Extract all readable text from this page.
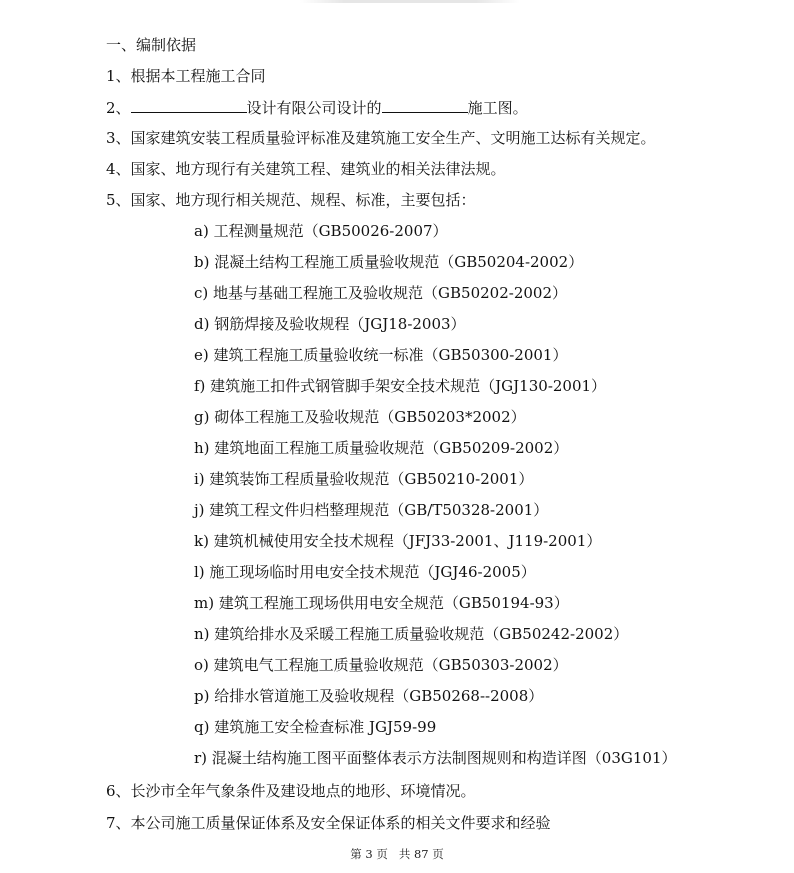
一、编制依据
1、根据本工程施工合同
2、	设计有限公司设计的	施工图。
3、国家建筑安装工程质量验评标准及建筑施工安全生产、文明施工达标有关规定。
4、国家、地方现行有关建筑工程、建筑业的相关法律法规。
5、国家、地方现行相关规范、规程、标准，主要包括：
a) 工程测量规范（GB50026-2007）
b) 混凝土结构工程施工质量验收规范（GB50204-2002）
c) 地基与基础工程施工及验收规范（GB50202-2002）
d) 钢筋焊接及验收规程（JGJ18-2003）
e) 建筑工程施工质量验收统一标准（GB50300-2001）
f) 建筑施工扣件式钢管脚手架安全技术规范（JGJ130-2001）
g) 砌体工程施工及验收规范（GB50203*2002）
h) 建筑地面工程施工质量验收规范（GB50209-2002）
i) 建筑装饰工程质量验收规范（GB50210-2001）
j) 建筑工程文件归档整理规范（GB/T50328-2001）
k) 建筑机械使用安全技术规程（JFJ33-2001、J119-2001）
l) 施工现场临时用电安全技术规范（JGJ46-2005）
m) 建筑工程施工现场供用电安全规范（GB50194-93）
n) 建筑给排水及采暖工程施工质量验收规范（GB50242-2002）
o) 建筑电气工程施工质量验收规范（GB50303-2002）
p) 给排水管道施工及验收规程（GB50268--2008）
q) 建筑施工安全检查标准 JGJ59-99
r) 混凝土结构施工图平面整体表示方法制图规则和构造详图（03G101）
6、长沙市全年气象条件及建设地点的地形、环境情况。
7、本公司施工质量保证体系及安全保证体系的相关文件要求和经验
第 3 页 共 87 页
